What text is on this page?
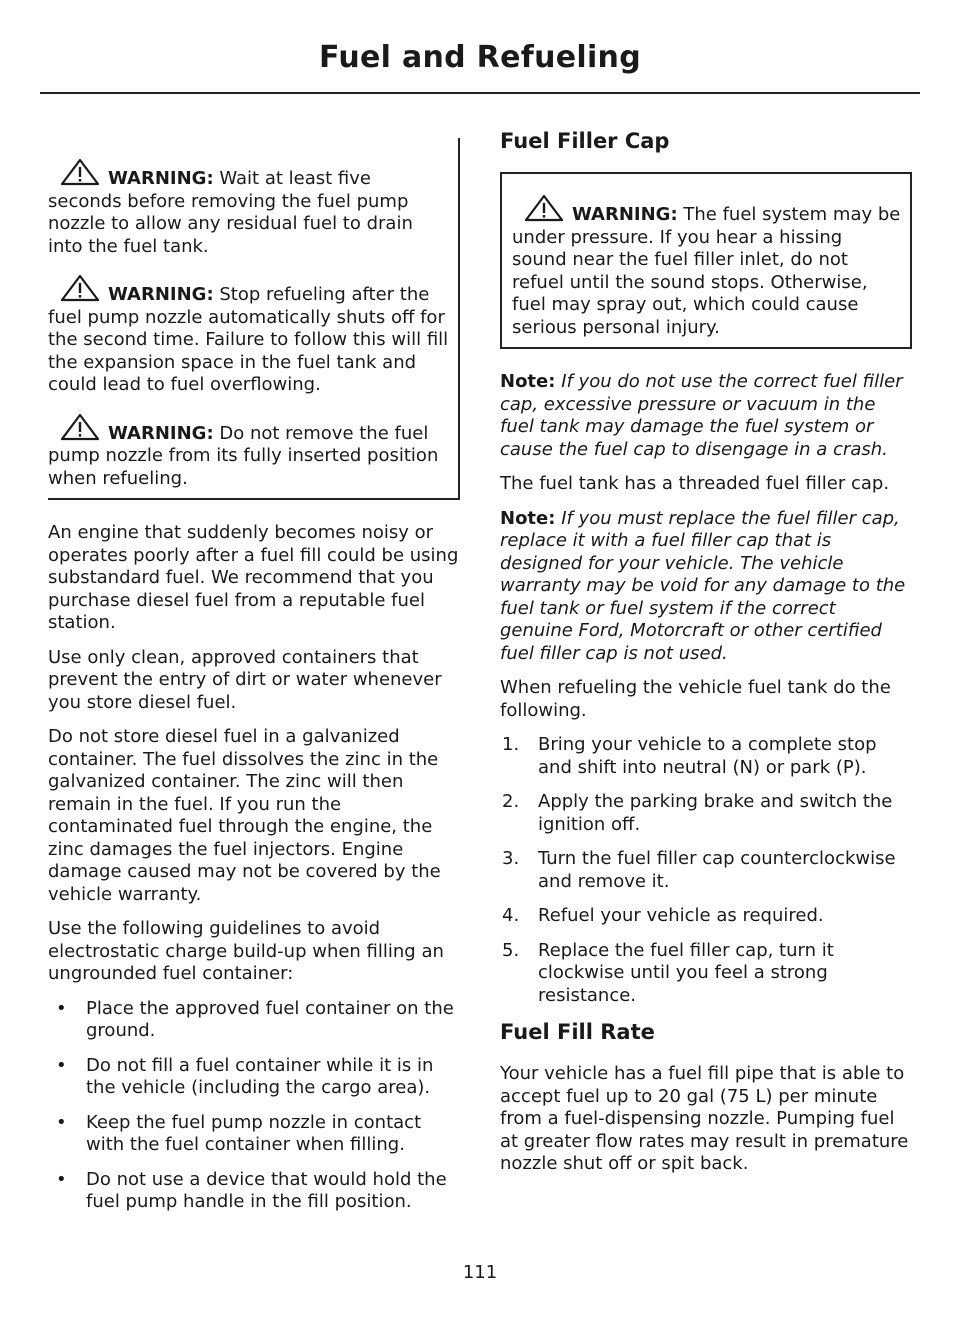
Fuel and Refueling

WARNING: Wait at least five seconds before removing the fuel pump nozzle to allow any residual fuel to drain into the fuel tank.

WARNING: Stop refueling after the fuel pump nozzle automatically shuts off for the second time. Failure to follow this will fill the expansion space in the fuel tank and could lead to fuel overflowing.

WARNING: Do not remove the fuel pump nozzle from its fully inserted position when refueling.

An engine that suddenly becomes noisy or operates poorly after a fuel fill could be using substandard fuel. We recommend that you purchase diesel fuel from a reputable fuel station.

Use only clean, approved containers that prevent the entry of dirt or water whenever you store diesel fuel.

Do not store diesel fuel in a galvanized container. The fuel dissolves the zinc in the galvanized container. The zinc will then remain in the fuel. If you run the contaminated fuel through the engine, the zinc damages the fuel injectors. Engine damage caused may not be covered by the vehicle warranty.

Use the following guidelines to avoid electrostatic charge build-up when filling an ungrounded fuel container:

• Place the approved fuel container on the ground.
• Do not fill a fuel container while it is in the vehicle (including the cargo area).
• Keep the fuel pump nozzle in contact with the fuel container when filling.
• Do not use a device that would hold the fuel pump handle in the fill position.
Fuel Filler Cap

WARNING: The fuel system may be under pressure. If you hear a hissing sound near the fuel filler inlet, do not refuel until the sound stops. Otherwise, fuel may spray out, which could cause serious personal injury.

Note: If you do not use the correct fuel filler cap, excessive pressure or vacuum in the fuel tank may damage the fuel system or cause the fuel cap to disengage in a crash.

The fuel tank has a threaded fuel filler cap.

Note: If you must replace the fuel filler cap, replace it with a fuel filler cap that is designed for your vehicle. The vehicle warranty may be void for any damage to the fuel tank or fuel system if the correct genuine Ford, Motorcraft or other certified fuel filler cap is not used.

When refueling the vehicle fuel tank do the following.

1. Bring your vehicle to a complete stop and shift into neutral (N) or park (P).
2. Apply the parking brake and switch the ignition off.
3. Turn the fuel filler cap counterclockwise and remove it.
4. Refuel your vehicle as required.
5. Replace the fuel filler cap, turn it clockwise until you feel a strong resistance.
Fuel Fill Rate

Your vehicle has a fuel fill pipe that is able to accept fuel up to 20 gal (75 L) per minute from a fuel-dispensing nozzle. Pumping fuel at greater flow rates may result in premature nozzle shut off or spit back.

111
